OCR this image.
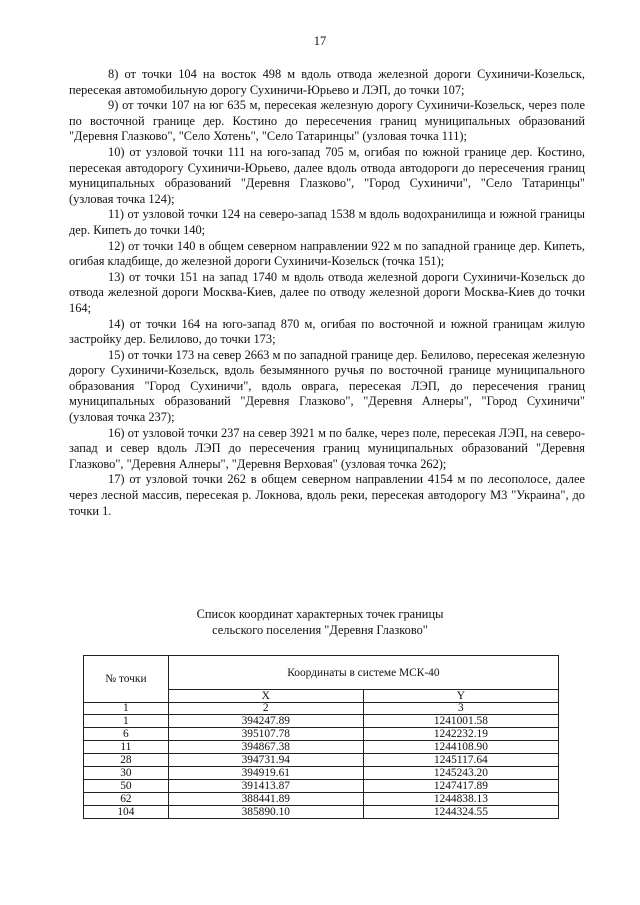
17

8) от точки 104 на восток 498 м вдоль отвода железной дороги Сухиничи-Козельск, пересекая автомобильную дорогу Сухиничи-Юрьево и ЛЭП, до точки 107;

9) от точки 107 на юг 635 м, пересекая железную дорогу Сухиничи-Козельск, через поле по восточной границе дер. Костино до пересечения границ муниципальных образований "Деревня Глазково", "Село Хотень", "Село Татаринцы" (узловая точка 111);

10) от узловой точки 111 на юго-запад 705 м, огибая по южной границе дер. Костино, пересекая автодорогу Сухиничи-Юрьево, далее вдоль отвода автодороги до пересечения границ муниципальных образований "Деревня Глазково", "Город Сухиничи", "Село Татаринцы" (узловая точка 124);

11) от узловой точки 124 на северо-запад 1538 м вдоль водохранилища и южной границы дер. Кипеть до точки 140;

12) от точки 140 в общем северном направлении 922 м по западной границе дер. Кипеть, огибая кладбище, до железной дороги Сухиничи-Козельск (точка 151);

13) от точки 151 на запад 1740 м вдоль отвода железной дороги Сухиничи-Козельск до отвода железной дороги Москва-Киев, далее по отводу железной дороги Москва-Киев до точки 164;

14) от точки 164 на юго-запад 870 м, огибая по восточной и южной границам жилую застройку дер. Белилово, до точки 173;

15) от точки 173 на север 2663 м по западной границе дер. Белилово, пересекая железную дорогу Сухиничи-Козельск, вдоль безымянного ручья по восточной границе муниципального образования "Город Сухиничи", вдоль оврага, пересекая ЛЭП, до пересечения границ муниципальных образований "Деревня Глазково", "Деревня Алнеры", "Город Сухиничи" (узловая точка 237);

16) от узловой точки 237 на север 3921 м по балке, через поле, пересекая ЛЭП, на северо-запад и север вдоль ЛЭП до пересечения границ муниципальных образований "Деревня Глазково", "Деревня Алнеры", "Деревня Верховая" (узловая точка 262);

17) от узловой точки 262 в общем северном направлении 4154 м по лесополосе, далее через лесной массив, пересекая р. Локнова, вдоль реки, пересекая автодорогу М3 "Украина", до точки 1.

Список координат характерных точек границы
сельского поселения "Деревня Глазково"
№ точки	Координаты в системе МСК-40	
	X	Y
1	2	3
1	394247.89	1241001.58
6	395107.78	1242232.19
11	394867.38	1244108.90
28	394731.94	1245117.64
30	394919.61	1245243.20
50	391413.87	1247417.89
62	388441.89	1244838.13
104	385890.10	1244324.55
